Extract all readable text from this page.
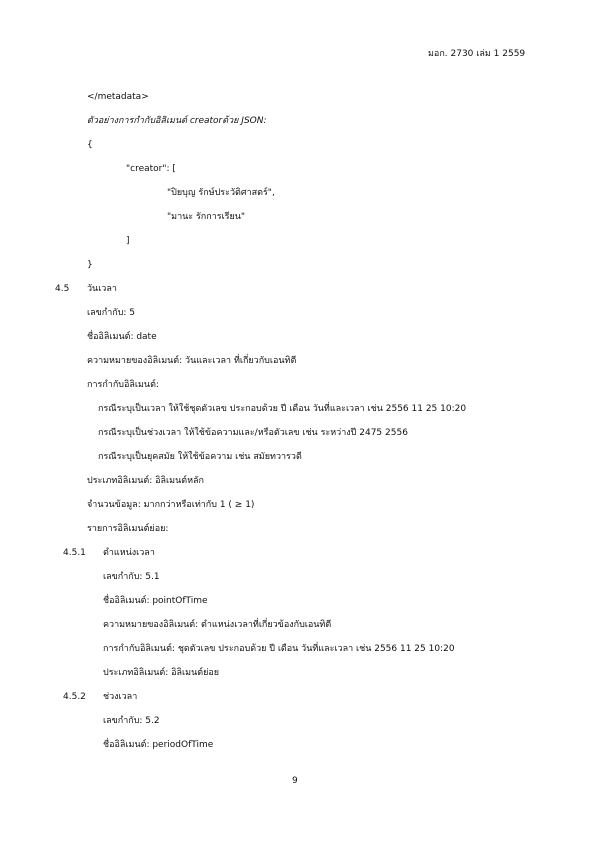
มอก. 2730 เล่ม 1 2559
</metadata>
ตัวอย่างการกำกับอิลิเมนต์ creatorด้วย JSON:
{
"creator": [
"ปิยบุญ รักษ์ประวัติศาสตร์",
"มานะ รักการเรียน"
]
}
4.5 วันเวลา
เลขกำกับ: 5
ชื่ออิลิเมนต์: date
ความหมายของอิลิเมนต์: วันและเวลา ที่เกี่ยวกับเอนทิตี
การกำกับอิลิเมนต์:
กรณีระบุเป็นเวลา ให้ใช้ชุดตัวเลข ประกอบด้วย ปี เดือน วันที่และเวลา เช่น 2556 11 25 10:20
กรณีระบุเป็นช่วงเวลา ให้ใช้ข้อความและ/หรือตัวเลข เช่น ระหว่างปี 2475 2556
กรณีระบุเป็นยุคสมัย ให้ใช้ข้อความ เช่น สมัยทวารวดี
ประเภทอิลิเมนต์: อิลิเมนต์หลัก
จำนวนข้อมูล: มากกว่าหรือเท่ากับ 1 ( ≥ 1)
รายการอิลิเมนต์ย่อย:
4.5.1 ตำแหน่งเวลา
เลขกำกับ: 5.1
ชื่ออิลิเมนต์: pointOfTime
ความหมายของอิลิเมนต์: ตำแหน่งเวลาที่เกี่ยวข้องกับเอนทิตี
การกำกับอิลิเมนต์: ชุดตัวเลข ประกอบด้วย ปี เดือน วันที่และเวลา เช่น 2556 11 25 10:20
ประเภทอิลิเมนต์: อิลิเมนต์ย่อย
4.5.2 ช่วงเวลา
เลขกำกับ: 5.2
ชื่ออิลิเมนต์: periodOfTime
9
